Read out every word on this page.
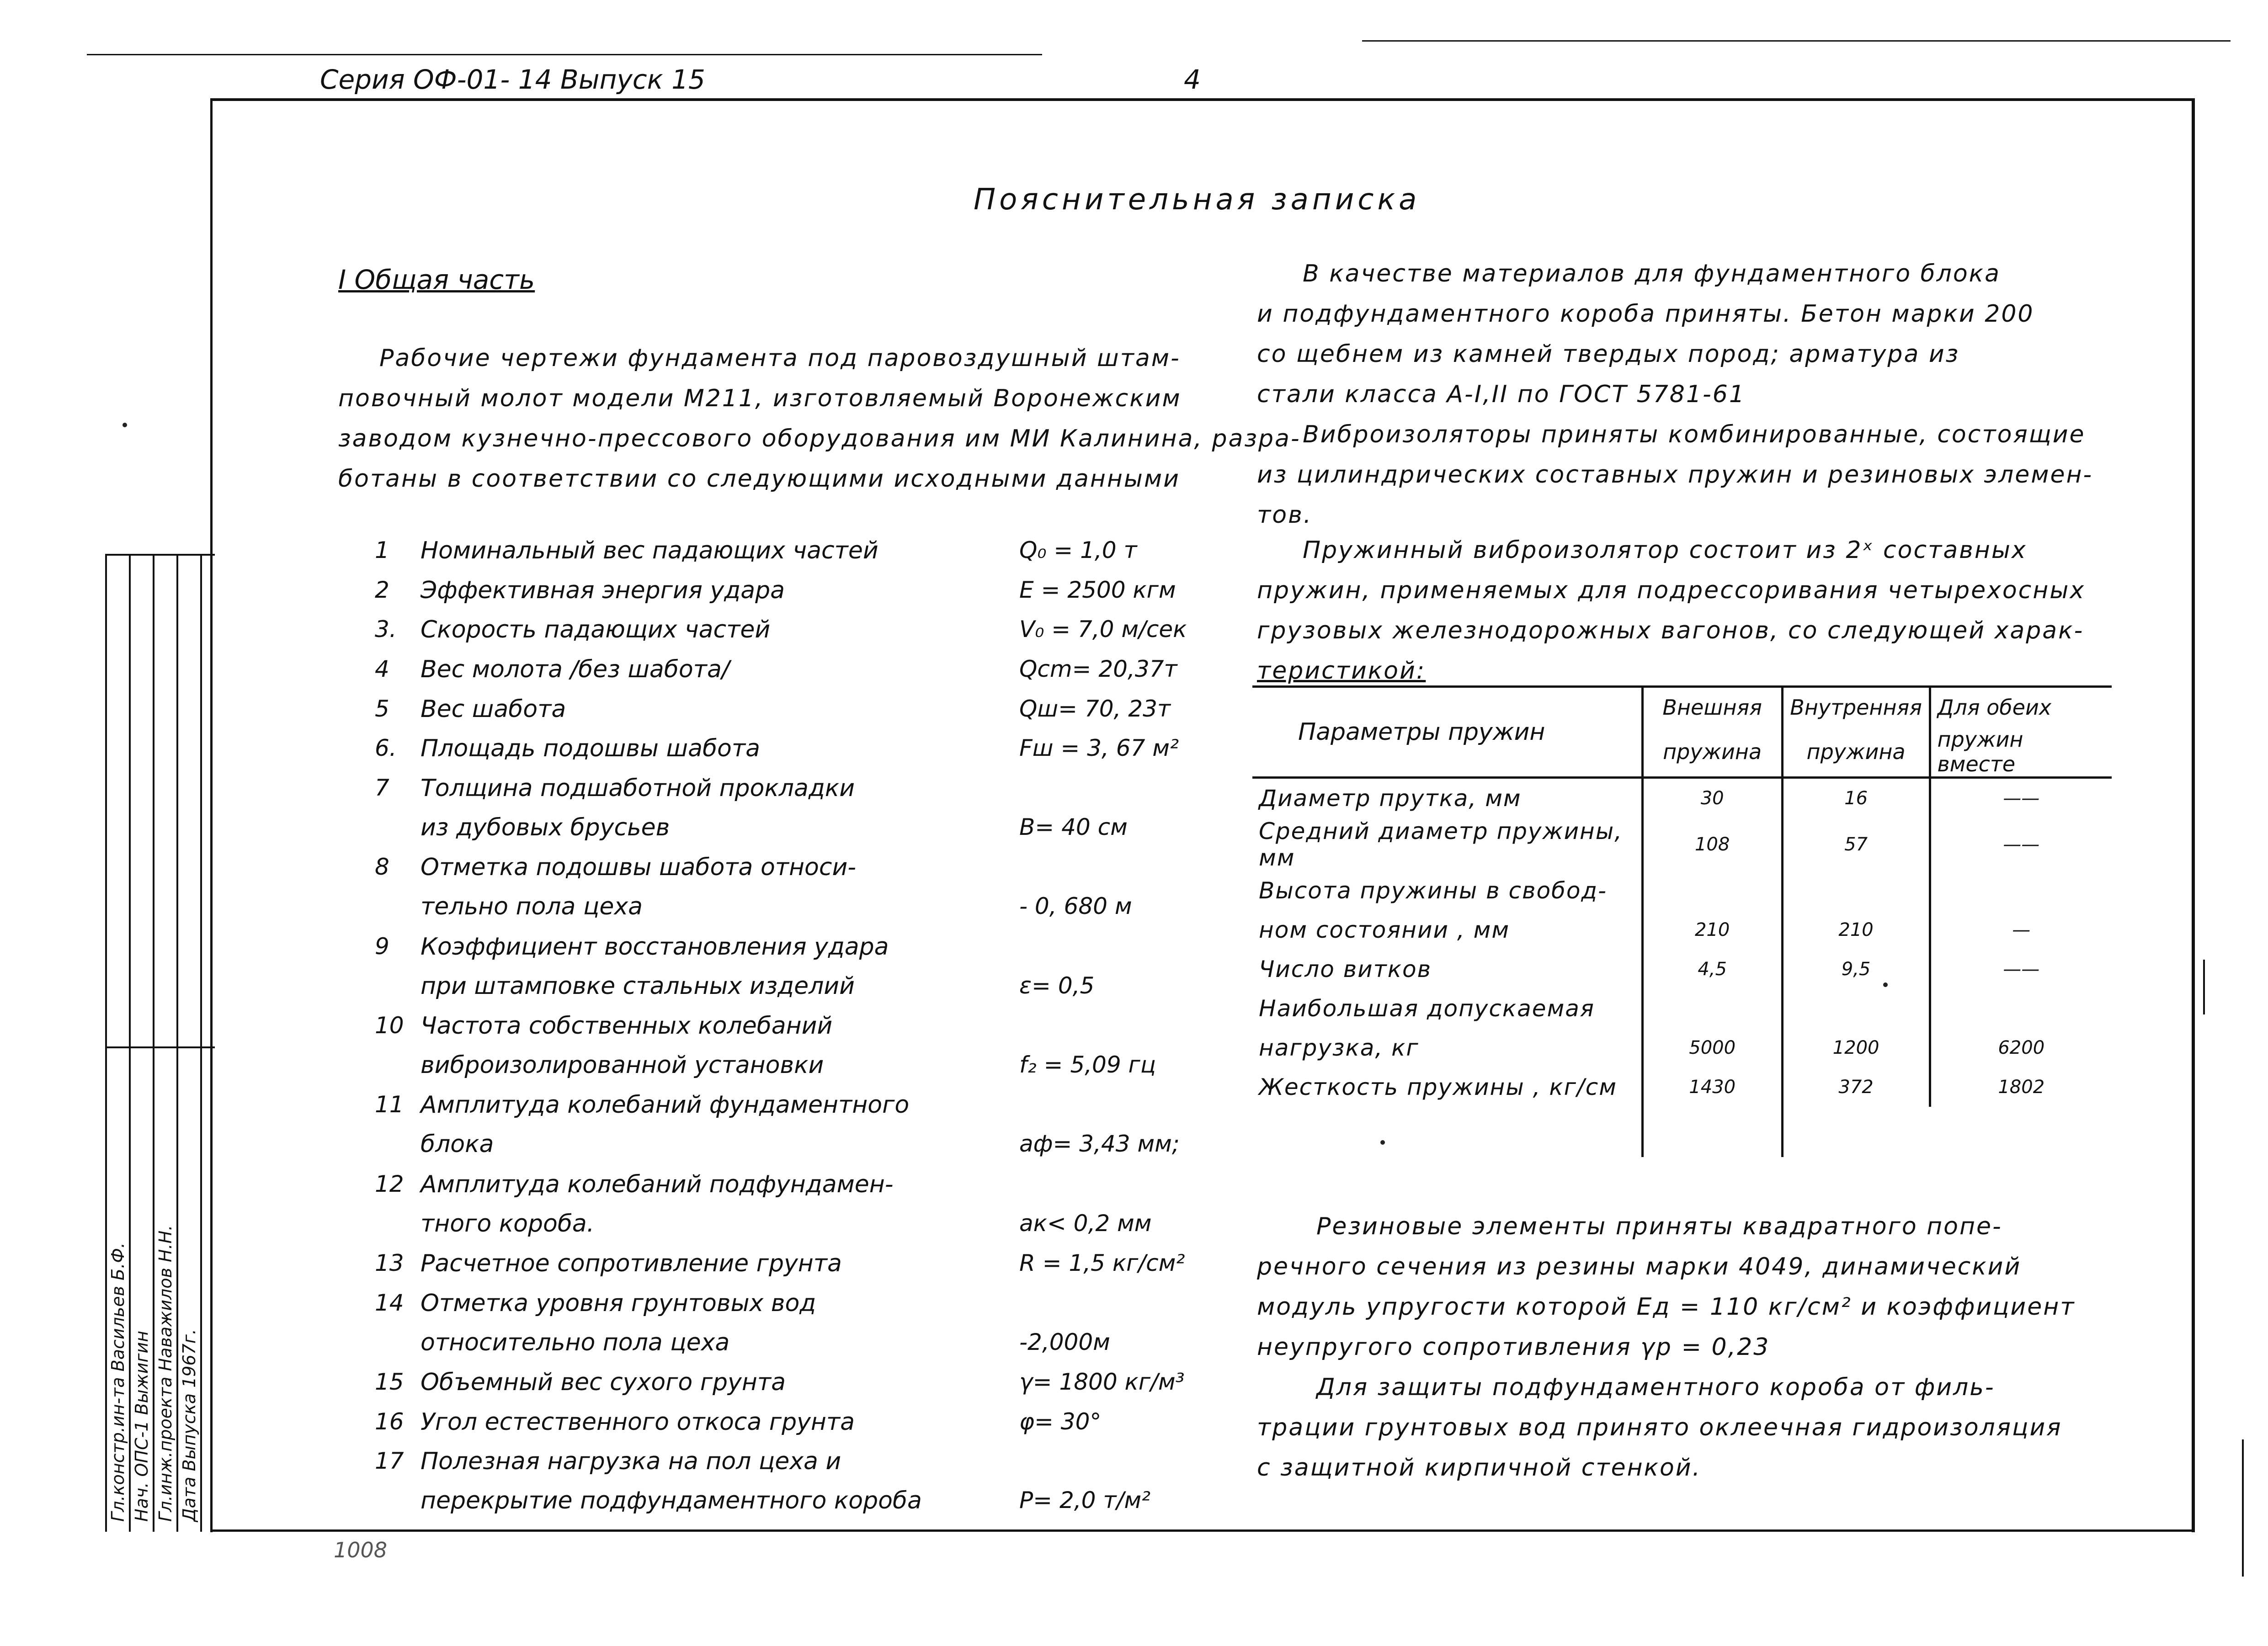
Серия ОФ-01- 14 Выпуск 15	4
Пояснительная записка
I Общая часть
Рабочие чертежи фундамента под паровоздушный штам-
повочный молот модели М211, изготовляемый Воронежским
заводом кузнечно-прессового оборудования им МИ Калинина, разра-
ботаны в соответствии со следующими исходными данными
1 Номинальный вес падающих частей	Q₀ = 1,0 т
2 Эффективная энергия удара	E = 2500 кгм
3. Скорость падающих частей	V₀ = 7,0 м/сек
4 Вес молота /без шабота/	Qcm= 20,37т
5 Вес шабота	Qш= 70, 23т
6. Площадь подошвы шабота	Fш = 3, 67 м²
7 Толщина подшаботной прокладки
из дубовых брусьев	В= 40 см
8 Отметка подошвы шабота относи-
тельно пола цеха	- 0, 680 м
9 Коэффициент восстановления удара
при штамповке стальных изделий	ε= 0,5
10 Частота собственных колебаний
виброизолированной установки	f₂ = 5,09 гц
11 Амплитуда колебаний фундаментного
блока	aф= 3,43 мм;
12 Амплитуда колебаний подфундамен-
тного короба.	aк< 0,2 мм
13 Расчетное сопротивление грунта	R = 1,5 кг/см²
14 Отметка уровня грунтовых вод
относительно пола цеха	-2,000м
15 Объемный вес сухого грунта	γ= 1800 кг/м³
16 Угол естественного откоса грунта	φ= 30°
17 Полезная нагрузка на пол цеха и
перекрытие подфундаментного короба	P= 2,0 т/м²
В качестве материалов для фундаментного блока
и подфундаментного короба приняты. Бетон марки 200
со щебнем из камней твердых пород; арматура из
стали класса А-I,II по ГОСТ 5781-61
Виброизоляторы приняты комбинированные, состоящие
из цилиндрических составных пружин и резиновых элемен-
тов.
Пружинный виброизолятор состоит из 2ˣ составных
пружин, применяемых для подрессоривания четырехосных
грузовых железнодорожных вагонов, со следующей харак-
теристикой:
Параметры пружин	Внешняя	Внутренняя	Для обеих
	пружина	пружина	пружин вместе
Диаметр прутка, мм	30	16	——
Средний диаметр пружины, мм	108	57	——
Высота пружины в свобод-			
ном состоянии , мм	210	210	—
Число витков	4,5	9,5	——
Наибольшая допускаемая			
нагрузка, кг	5000	1200	6200
Жесткость пружины , кг/см	1430	372	1802

Резиновые элементы приняты квадратного попе-
речного сечения из резины марки 4049, динамический
модуль упругости которой Eд = 110 кг/см² и коэффициент
неупругого сопротивления γр = 0,23
Для защиты подфундаментного короба от филь-
трации грунтовых вод принято оклеечная гидроизоляция
с защитной кирпичной стенкой.
Гл.констр.ин-та Васильев Б.Ф. Нач. ОПС-1 Выжигин Гл.инж.проекта Наважилов Н.Н. Дата Выпуска 1967г.
1008
